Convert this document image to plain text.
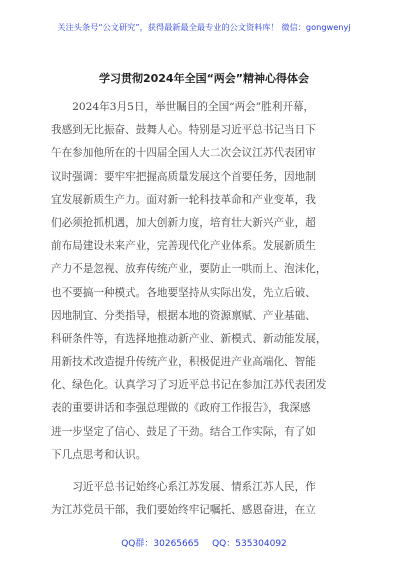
关注头条号“公文研究”，获得最新最全最专业的公文资料库！ 微信：gongwenyj
学习贯彻2024年全国“两会”精神心得体会
2024年3月5日，举世瞩目的全国“两会”胜利开幕，
我感到无比振奋、鼓舞人心。特别是习近平总书记当日下
午在参加他所在的十四届全国人大二次会议江苏代表团审
议时强调：要牢牢把握高质量发展这个首要任务，因地制
宜发展新质生产力。面对新一轮科技革命和产业变革，我
们必须抢抓机遇，加大创新力度，培育壮大新兴产业，超
前布局建设未来产业，完善现代化产业体系。发展新质生
产力不是忽视、放弃传统产业，要防止一哄而上、泡沫化，
也不要搞一种模式。各地要坚持从实际出发，先立后破、
因地制宜、分类指导，根据本地的资源禀赋、产业基础、
科研条件等，有选择地推动新产业、新模式、新动能发展，
用新技术改造提升传统产业，积极促进产业高端化、智能
化、绿色化。认真学习了习近平总书记在参加江苏代表团发
表的重要讲话和李强总理做的《政府工作报告》，我深感
进一步坚定了信心、鼓足了干劲。结合工作实际，有了如
下几点思考和认识。
习近平总书记始终心系江苏发展、情系江苏人民，作
为江苏党员干部，我们要始终牢记嘱托、感恩奋进，在立
QQ群：30265665 QQ：535304092
